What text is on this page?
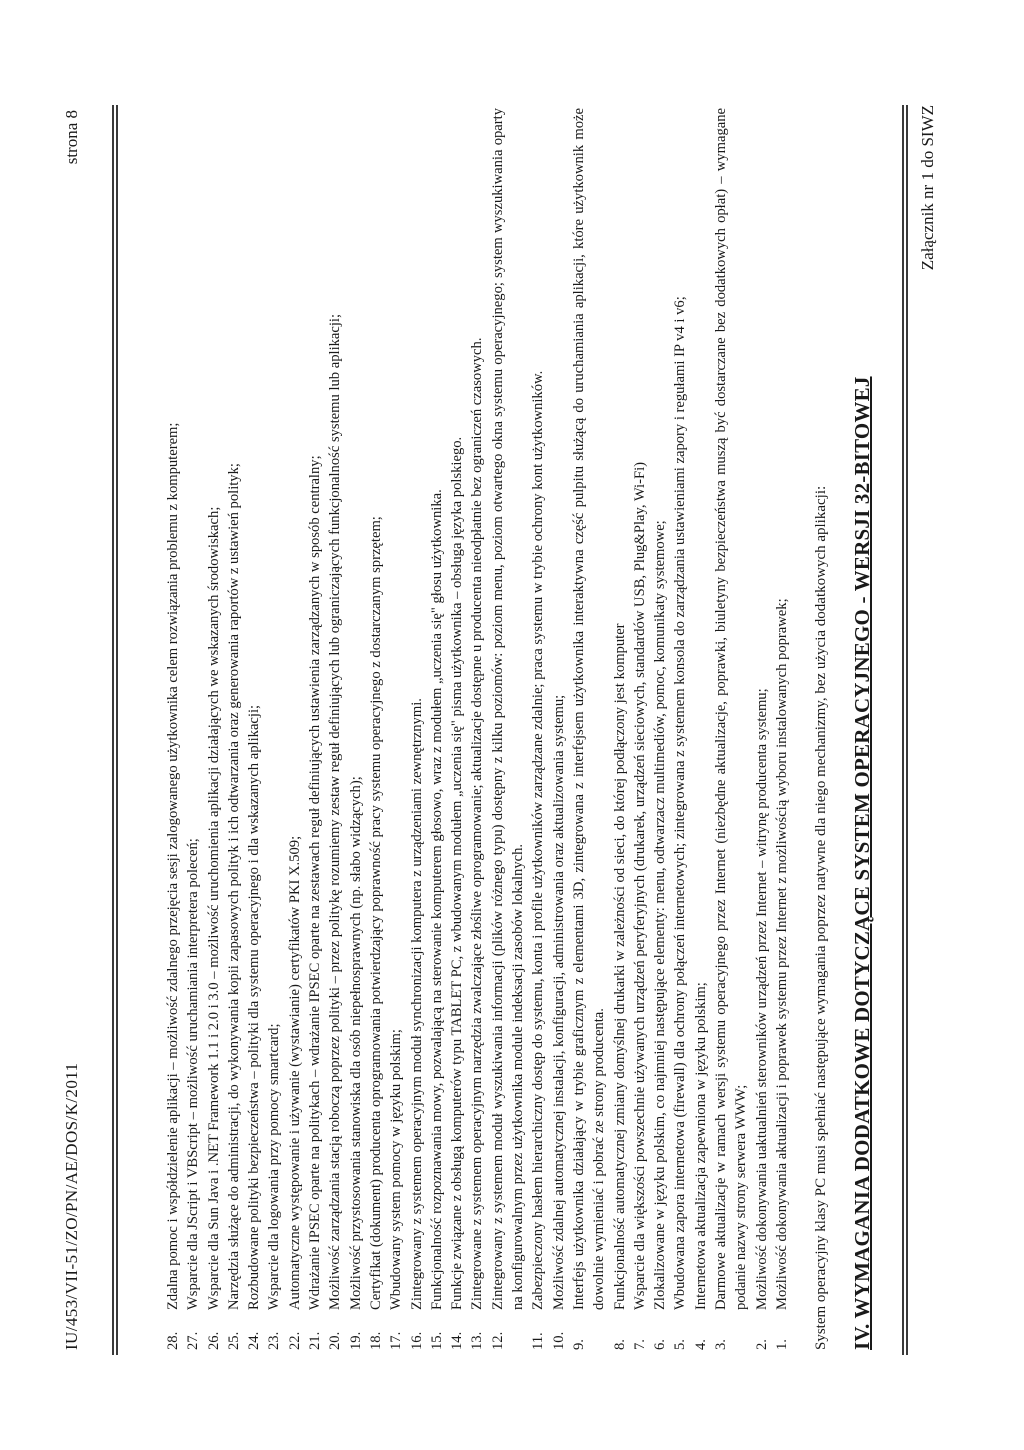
Załącznik nr 1 do SIWZ
IV. WYMAGANIA DODATKOWE DOTYCZĄCE SYSTEM OPERACYJNEGO - WERSJI 32-BITOWEJ
System operacyjny klasy PC musi spełniać następujące wymagania poprzez natywne dla niego mechanizmy, bez użycia dodatkowych aplikacji:
1.
Możliwość dokonywania aktualizacji i poprawek systemu przez Internet z możliwością wyboru instalowanych poprawek;
2.
Możliwość dokonywania uaktualnień sterowników urządzeń przez Internet – witrynę producenta systemu;
3.
Darmowe aktualizacje w ramach wersji systemu operacyjnego przez Internet (niezbędne aktualizacje, poprawki, biuletyny bezpieczeństwa muszą być dostarczane bez dodatkowych opłat) – wymagane podanie nazwy strony serwera WWW;
4.
Internetowa aktualizacja zapewniona w języku polskim;
5.
Wbudowana zapora internetowa (firewall) dla ochrony połączeń internetowych; zintegrowana z systemem konsola do zarządzania ustawieniami zapory i regułami IP v4 i v6;
6.
Zlokalizowane w języku polskim, co najmniej następujące elementy: menu, odtwarzacz multimediów, pomoc, komunikaty systemowe;
7.
Wsparcie dla większości powszechnie używanych urządzeń peryferyjnych (drukarek, urządzeń sieciowych, standardów USB, Plug&Play, Wi-Fi)
8.
Funkcjonalność automatycznej zmiany domyślnej drukarki w zależności od sieci, do której podłączony jest komputer
9.
Interfejs użytkownika działający w trybie graficznym z elementami 3D, zintegrowana z interfejsem użytkownika interaktywna część pulpitu służącą do uruchamiania aplikacji, które użytkownik może dowolnie wymieniać i pobrać ze strony producenta.
10.
Możliwość zdalnej automatycznej instalacji, konfiguracji, administrowania oraz aktualizowania systemu;
11.
Zabezpieczony hasłem hierarchiczny dostęp do systemu, konta i profile użytkowników zarządzane zdalnie; praca systemu w trybie ochrony kont użytkowników.
12.
Zintegrowany z systemem moduł wyszukiwania informacji (plików różnego typu) dostępny z kilku poziomów: poziom menu, poziom otwartego okna systemu operacyjnego; system wyszukiwania oparty na konfigurowalnym przez użytkownika module indeksacji zasobów lokalnych.
13.
Zintegrowane z systemem operacyjnym narzędzia zwalczające złośliwe oprogramowanie; aktualizacje dostępne u producenta nieodpłatnie bez ograniczeń czasowych.
14.
Funkcje związane z obsługą komputerów typu TABLET PC, z wbudowanym modułem „uczenia się" pisma użytkownika – obsługa języka polskiego.
15.
Funkcjonalność rozpoznawania mowy, pozwalającą na sterowanie komputerem głosowo, wraz z modułem „uczenia się" głosu użytkownika.
16.
Zintegrowany z systemem operacyjnym moduł synchronizacji komputera z urządzeniami zewnętrznymi.
17.
Wbudowany system pomocy w języku polskim;
18.
Certyfikat (dokument) producenta oprogramowania potwierdzający poprawność pracy systemu operacyjnego z dostarczanym sprzętem;
19.
Możliwość przystosowania stanowiska dla osób niepełnosprawnych (np. słabo widzących);
20.
Możliwość zarządzania stacją roboczą poprzez polityki – przez politykę rozumiemy zestaw reguł definiujących lub ograniczających funkcjonalność systemu lub aplikacji;
21.
Wdrażanie IPSEC oparte na politykach – wdrażanie IPSEC oparte na zestawach reguł definiujących ustawienia zarządzanych w sposób centralny;
22.
Automatyczne występowanie i używanie (wystawianie) certyfikatów PKI X.509;
23.
Wsparcie dla logowania przy pomocy smartcard;
24.
Rozbudowane polityki bezpieczeństwa – polityki dla systemu operacyjnego i dla wskazanych aplikacji;
25.
Narzędzia służące do administracji, do wykonywania kopii zapasowych polityk i ich odtwarzania oraz generowania raportów z ustawień polityk;
26.
Wsparcie dla Sun Java i .NET Framework 1.1 i 2.0 i 3.0 – możliwość uruchomienia aplikacji działających we wskazanych środowiskach;
27.
Wsparcie dla JScript i VBScript – możliwość uruchamiania interpretera poleceń;
28.
Zdalna pomoc i współdzielenie aplikacji – możliwość zdalnego przejęcia sesji zalogowanego użytkownika celem rozwiązania problemu z komputerem;
IU/453/VII-51/ZO/PN/AE/DOS/K/2011
strona 8
